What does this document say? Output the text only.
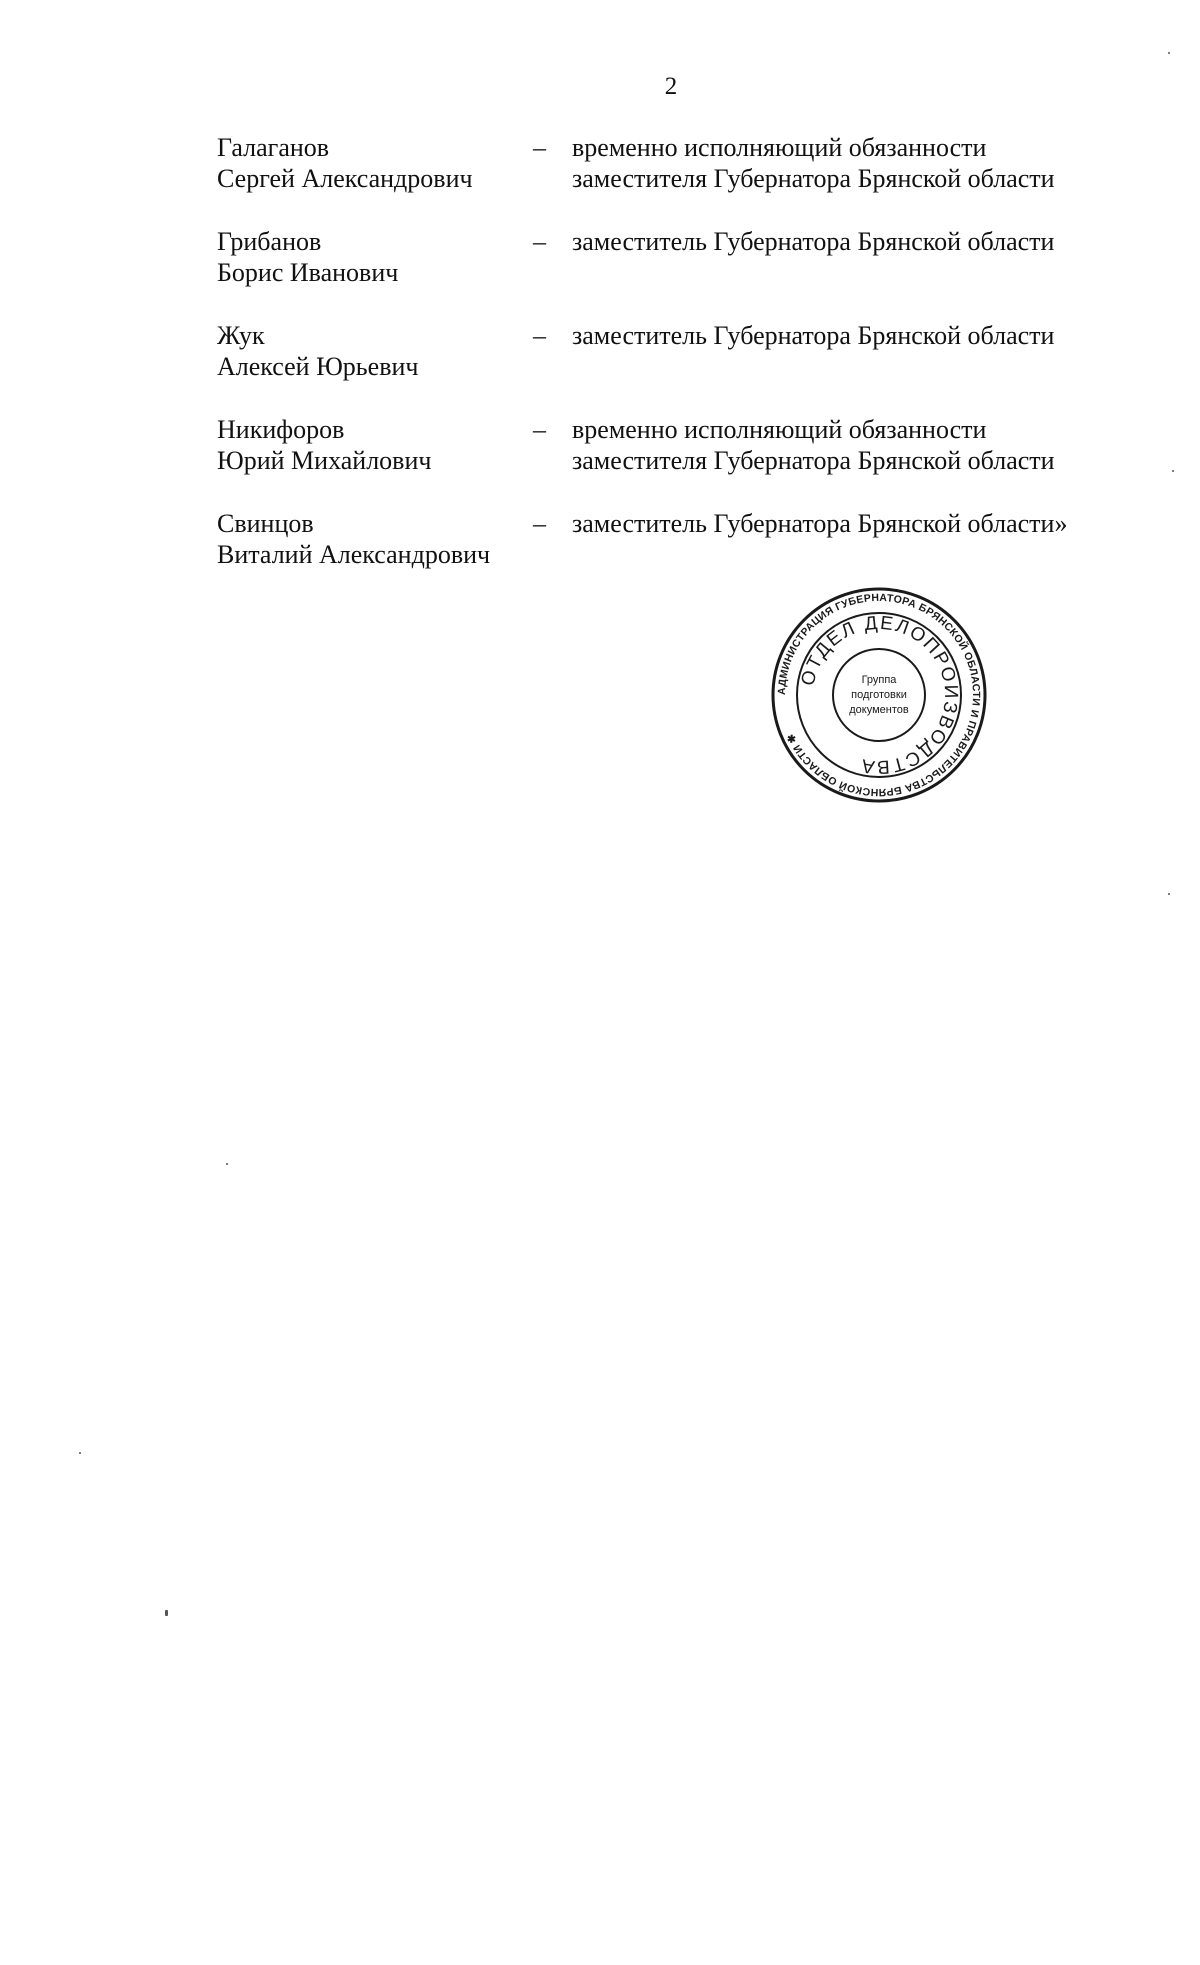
2
Галаганов
Сергей Александрович
– временно исполняющий обязанности
заместителя Губернатора Брянской области
Грибанов
Борис Иванович
– заместитель Губернатора Брянской области
Жук
Алексей Юрьевич
– заместитель Губернатора Брянской области
Никифоров
Юрий Михайлович
– временно исполняющий обязанности
заместителя Губернатора Брянской области
Свинцов
Виталий Александрович
– заместитель Губернатора Брянской области»
АДМИНИСТРАЦИЯ ГУБЕРНАТОРА БРЯНСКОЙ ОБЛАСТИ И ПРАВИТЕЛЬСТВА БРЯНСКОЙ ОБЛАСТИ ✱
ОТДЕЛ ДЕЛОПРОИЗВОДСТВА
Группа
подготовки
документов
